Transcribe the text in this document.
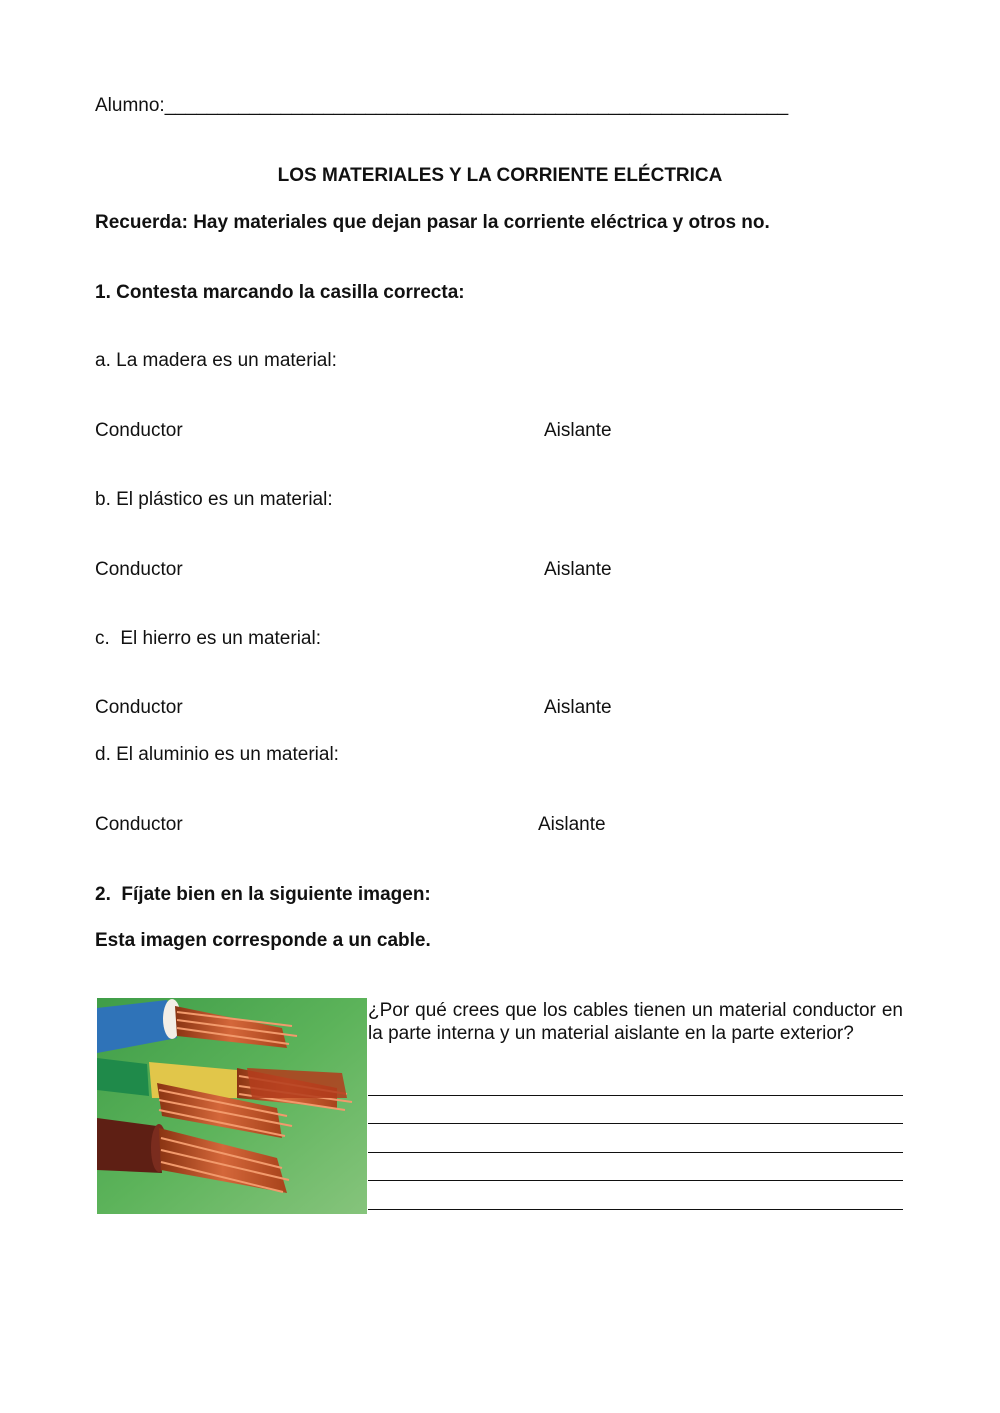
Alumno:___________________________________________________________

LOS MATERIALES Y LA CORRIENTE ELÉCTRICA

Recuerda: Hay materiales que dejan pasar la corriente eléctrica y otros no.

1. Contesta marcando la casilla correcta:

a. La madera es un material:

Conductor	Aislante

b. El plástico es un material:

Conductor	Aislante

c.  El hierro es un material:

Conductor	Aislante

d. El aluminio es un material:

Conductor	Aislante

2.  Fíjate bien en la siguiente imagen:

Esta imagen corresponde a un cable.

¿Por qué crees que los cables tienen un material conductor en la parte interna y un material aislante en la parte exterior?
